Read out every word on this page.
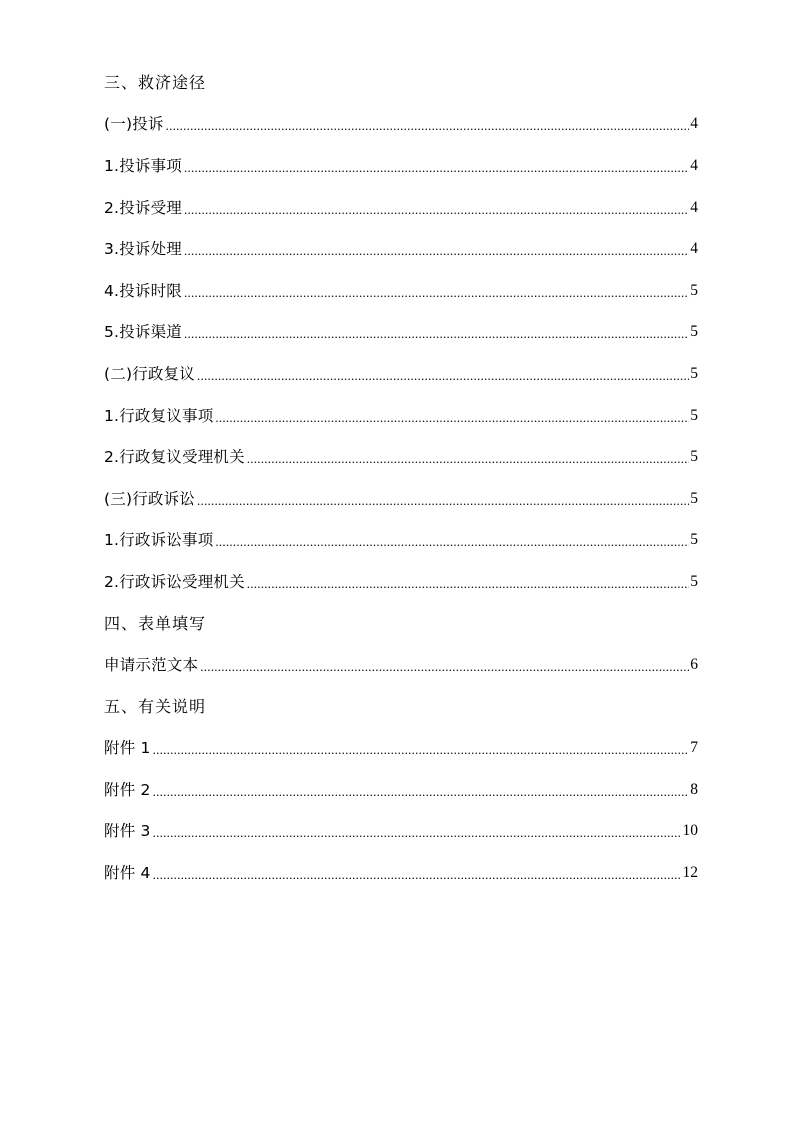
三、救济途径
(一)投诉 .....	4
1.投诉事项 .....	4
2.投诉受理 .....	4
3.投诉处理 .....	4
4.投诉时限 .....	5
5.投诉渠道 .....	5
(二)行政复议 .....	5
1.行政复议事项 .....	5
2.行政复议受理机关 .....	5
(三)行政诉讼 .....	5
1.行政诉讼事项 .....	5
2.行政诉讼受理机关 .....	5
四、表单填写
申请示范文本 .....	6
五、有关说明
附件 1 .....	7
附件 2 .....	8
附件 3 .....	10
附件 4 .....	12
